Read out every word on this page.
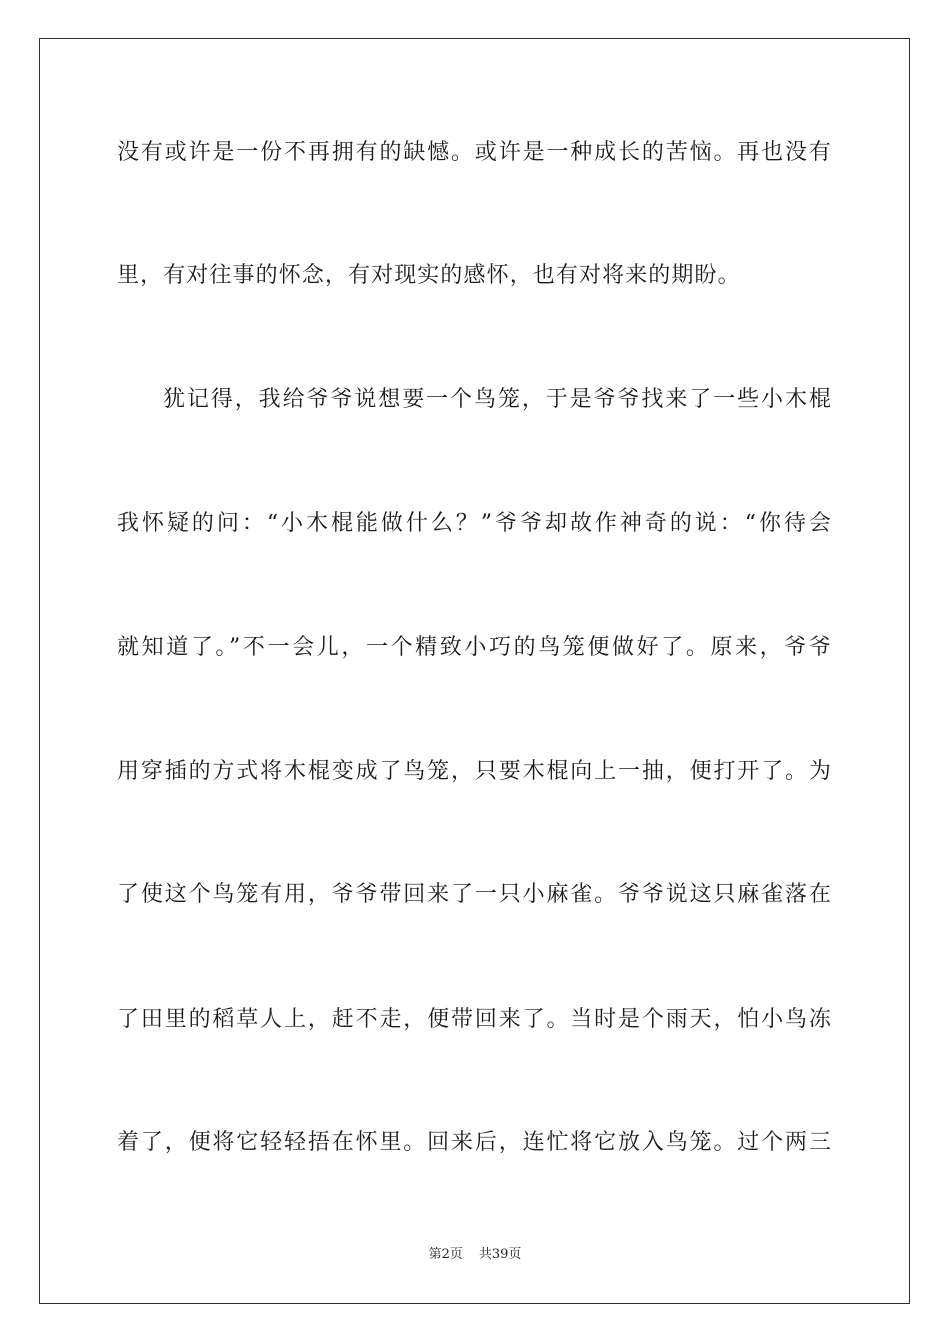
没有或许是一份不再拥有的缺憾。或许是一种成长的苦恼。再也没有
里，有对往事的怀念，有对现实的感怀，也有对将来的期盼。
犹记得，我给爷爷说想要一个鸟笼，于是爷爷找来了一些小木棍
我怀疑的问：“小木棍能做什么？”爷爷却故作神奇的说：“你待会
就知道了。”不一会儿，一个精致小巧的鸟笼便做好了。原来，爷爷
用穿插的方式将木棍变成了鸟笼，只要木棍向上一抽，便打开了。为
了使这个鸟笼有用，爷爷带回来了一只小麻雀。爷爷说这只麻雀落在
了田里的稻草人上，赶不走，便带回来了。当时是个雨天，怕小鸟冻
着了，便将它轻轻捂在怀里。回来后，连忙将它放入鸟笼。过个两三
第2页 共39页
